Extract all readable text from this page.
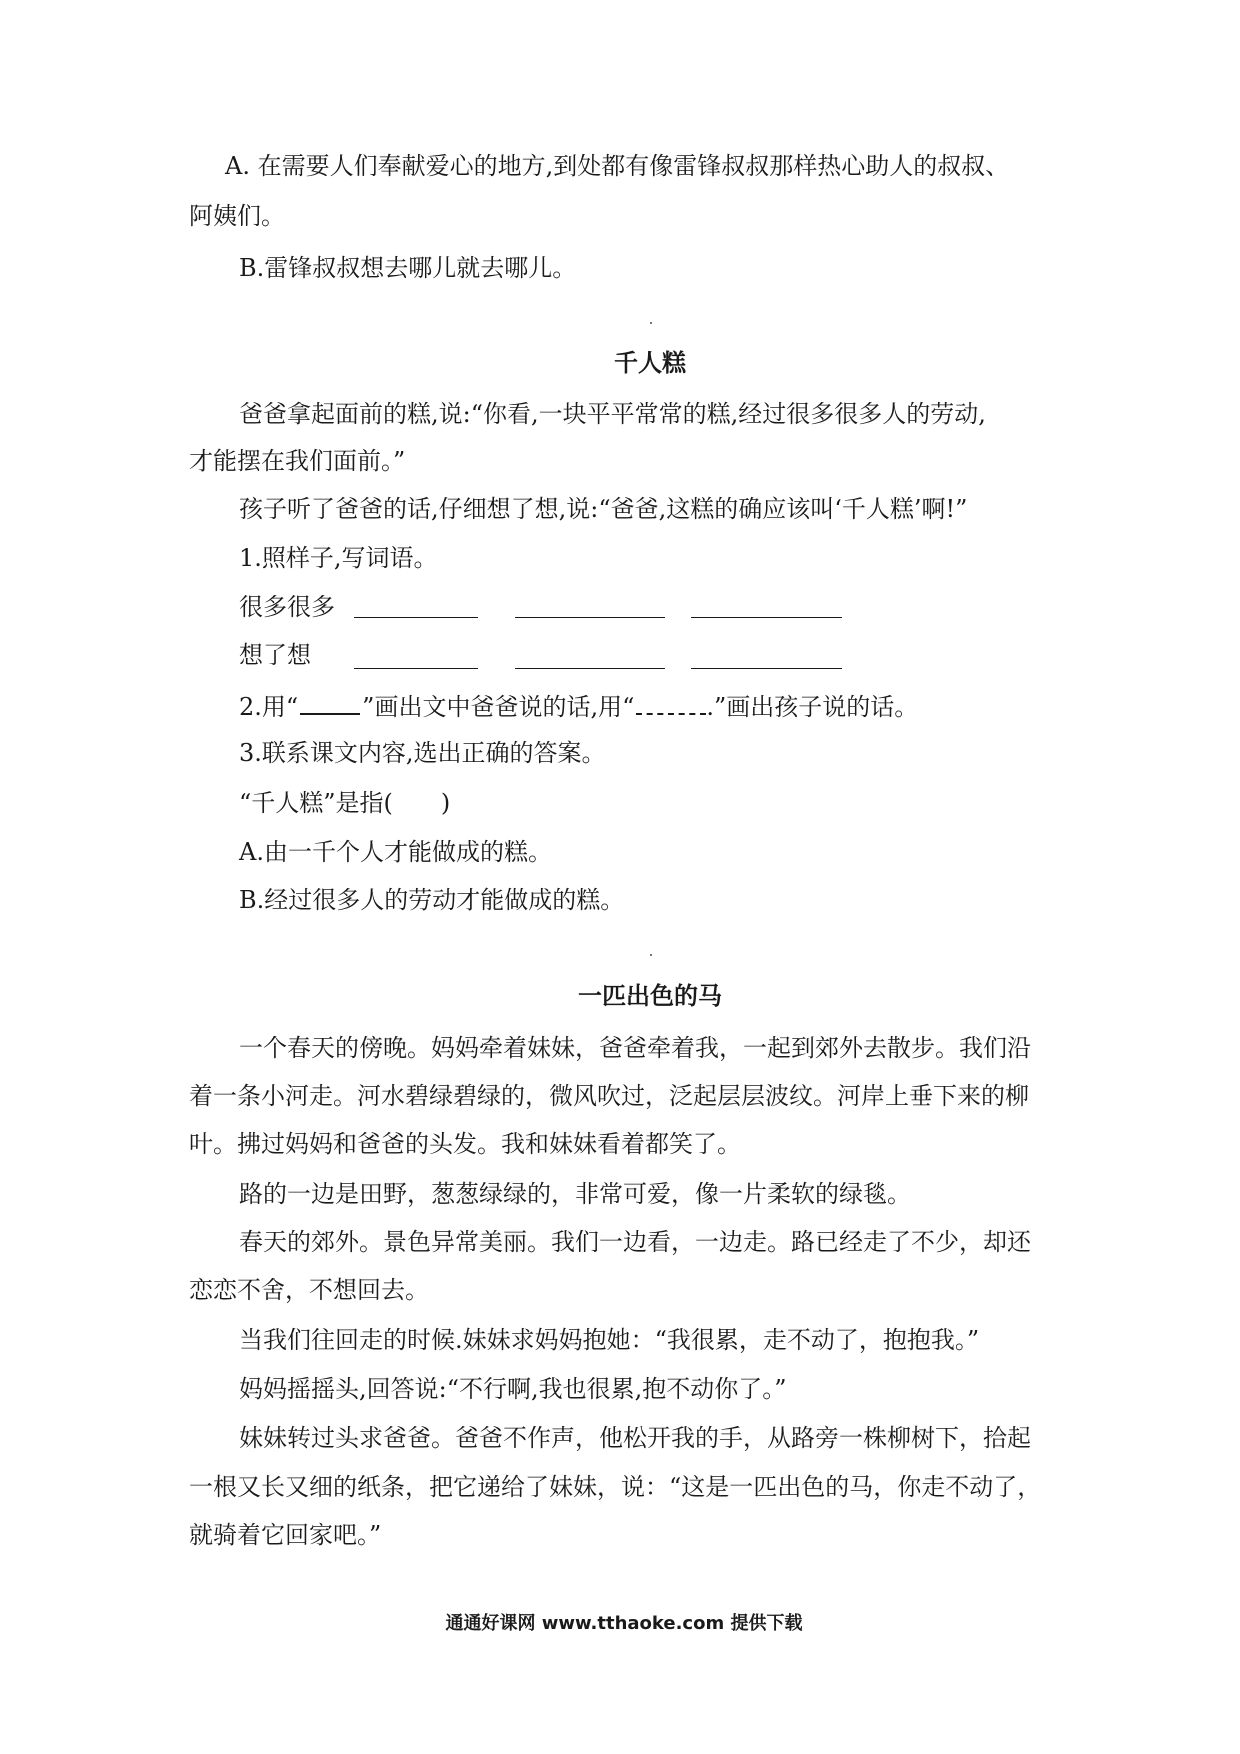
A. 在需要人们奉献爱心的地方,到处都有像雷锋叔叔那样热心助人的叔叔、
阿姨们。
B.雷锋叔叔想去哪儿就去哪儿。
千人糕
爸爸拿起面前的糕,说:“你看,一块平平常常的糕,经过很多很多人的劳动,
才能摆在我们面前。”
孩子听了爸爸的话,仔细想了想,说:“爸爸,这糕的确应该叫‘千人糕’啊!”
1.照样子,写词语。
很多很多
想了想
2.用“	”画出文中爸爸说的话,用“	.”画出孩子说的话。
3.联系课文内容,选出正确的答案。
“千人糕”是指(　　)
A.由一千个人才能做成的糕。
B.经过很多人的劳动才能做成的糕。
一匹出色的马
一个春天的傍晚。妈妈牵着妹妹，爸爸牵着我，一起到郊外去散步。我们沿
着一条小河走。河水碧绿碧绿的，微风吹过，泛起层层波纹。河岸上垂下来的柳
叶。拂过妈妈和爸爸的头发。我和妹妹看着都笑了。
路的一边是田野，葱葱绿绿的，非常可爱，像一片柔软的绿毯。
春天的郊外。景色异常美丽。我们一边看，一边走。路已经走了不少，却还
恋恋不舍，不想回去。
当我们往回走的时候.妹妹求妈妈抱她：“我很累，走不动了，抱抱我。”
妈妈摇摇头,回答说:“不行啊,我也很累,抱不动你了。”
妹妹转过头求爸爸。爸爸不作声，他松开我的手，从路旁一株柳树下，拾起
一根又长又细的纸条，把它递给了妹妹，说：“这是一匹出色的马，你走不动了，
就骑着它回家吧。”
通通好课网 www.tthaoke.com 提供下载
